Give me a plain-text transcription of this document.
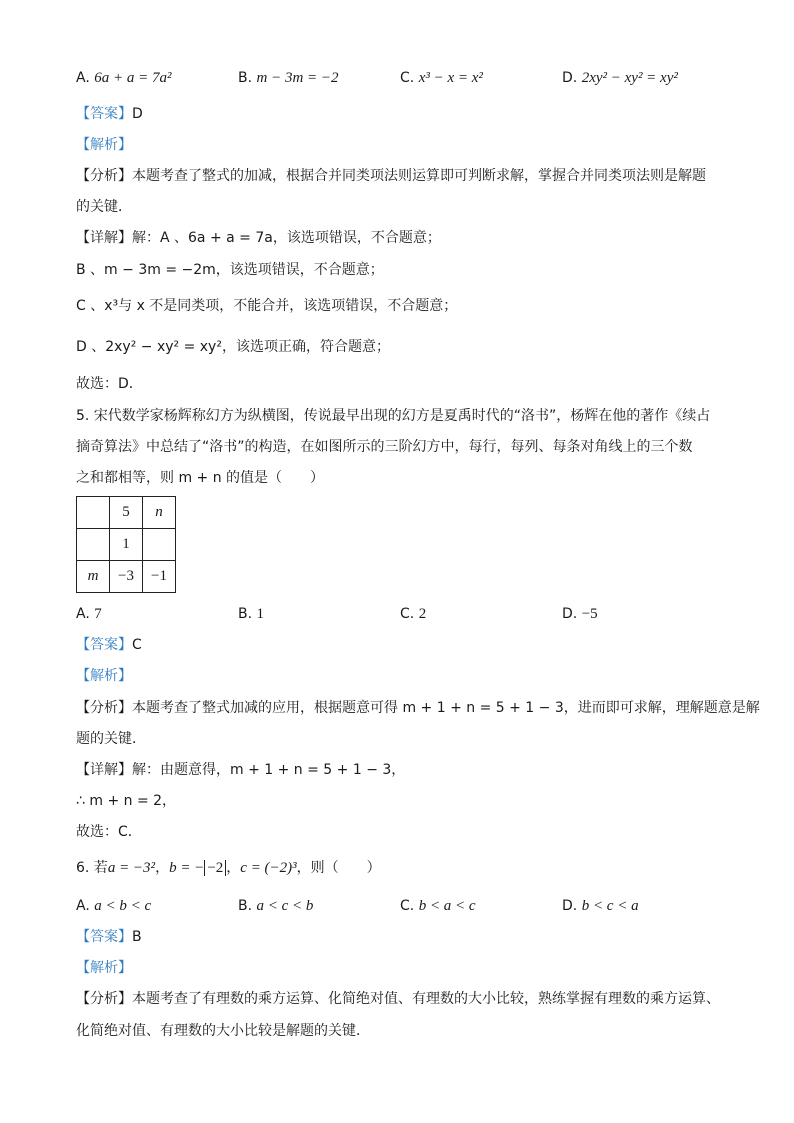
A. 6a + a = 7a²	B. m − 3m = −2	C. x³ − x = x²	D. 2xy² − xy² = xy²
【答案】D
【解析】
【分析】本题考查了整式的加减，根据合并同类项法则运算即可判断求解，掌握合并同类项法则是解题
的关键．
【详解】解：A 、6a + a = 7a，该选项错误，不合题意；
B 、m − 3m = −2m，该选项错误，不合题意；
C 、x³与 x 不是同类项，不能合并，该选项错误，不合题意；
D 、2xy² − xy² = xy²，该选项正确，符合题意；
故选：D．
5. 宋代数学家杨辉称幻方为纵横图，传说最早出现的幻方是夏禹时代的“洛书”，杨辉在他的著作《续占
摘奇算法》中总结了“洛书”的构造，在如图所示的三阶幻方中，每行，每列、每条对角线上的三个数
之和都相等，则 m + n 的值是（　　）
	5	n
	1	
m	−3	−1
A. 7	B. 1	C. 2	D. −5
【答案】C
【解析】
【分析】本题考查了整式加减的应用，根据题意可得 m + 1 + n = 5 + 1 − 3，进而即可求解，理解题意是解
题的关键．
【详解】解：由题意得，m + 1 + n = 5 + 1 − 3，
∴ m + n = 2，
故选：C．
6. 若a = −3²，b = − −2 ，c = (−2)³，则（　　）
A. a < b < c	B. a < c < b	C. b < a < c	D. b < c < a
【答案】B
【解析】
【分析】本题考查了有理数的乘方运算、化简绝对值、有理数的大小比较，熟练掌握有理数的乘方运算、
化简绝对值、有理数的大小比较是解题的关键．
